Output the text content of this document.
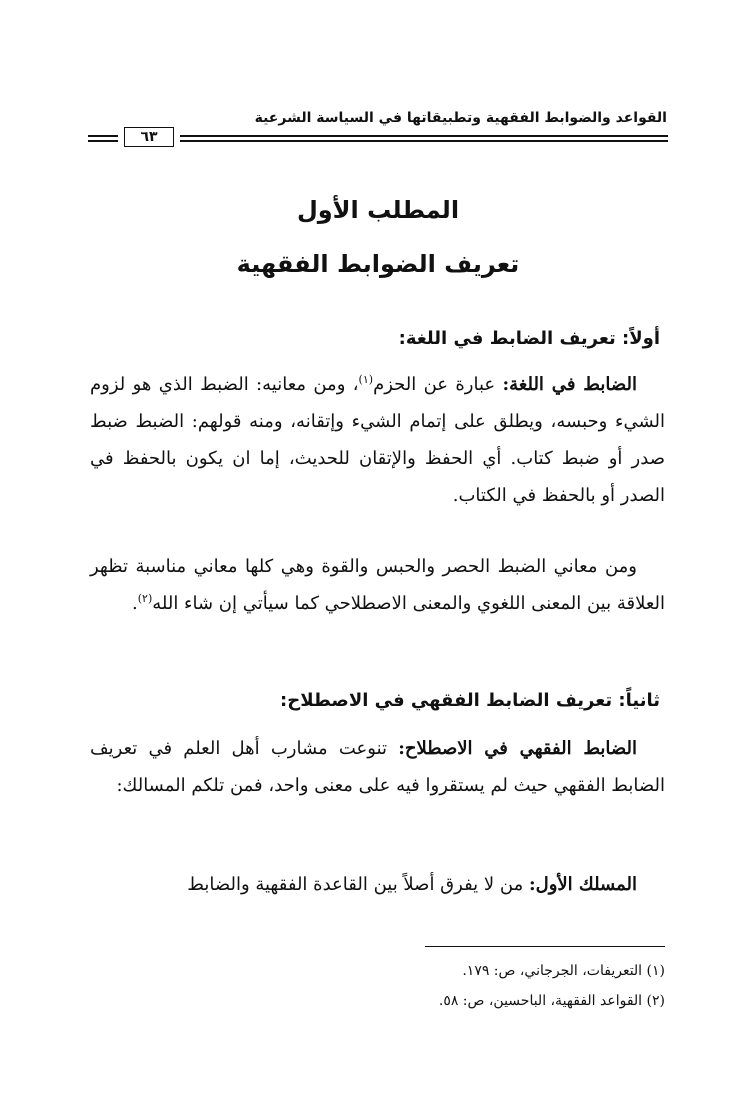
القواعد والضوابط الفقهية وتطبيقاتها في السياسة الشرعية
٦٣
المطلب الأول
تعريف الضوابط الفقهية
أولاً: تعريف الضابط في اللغة:
الضابط في اللغة: عبارة عن الحزم$^{(١)}$، ومن معانيه: الضبط الذي هو لزوم الشيء وحبسه، ويطلق على إتمام الشيء وإتقانه، ومنه قولهم: الضبط ضبط صدر أو ضبط كتاب. أي الحفظ والإتقان للحديث، إما ان يكون بالحفظ في الصدر أو بالحفظ في الكتاب.
ومن معاني الضبط الحصر والحبس والقوة وهي كلها معاني مناسبة تظهر العلاقة بين المعنى اللغوي والمعنى الاصطلاحي كما سيأتي إن شاء الله$^{(٢)}$.
ثانياً: تعريف الضابط الفقهي في الاصطلاح:
الضابط الفقهي في الاصطلاح: تنوعت مشارب أهل العلم في تعريف الضابط الفقهي حيث لم يستقروا فيه على معنى واحد، فمن تلكم المسالك:
المسلك الأول: من لا يفرق أصلاً بين القاعدة الفقهية والضابط
(١) التعريفات، الجرجاني، ص: ١٧٩.
(٢) القواعد الفقهية، الباحسين، ص: ٥٨.
